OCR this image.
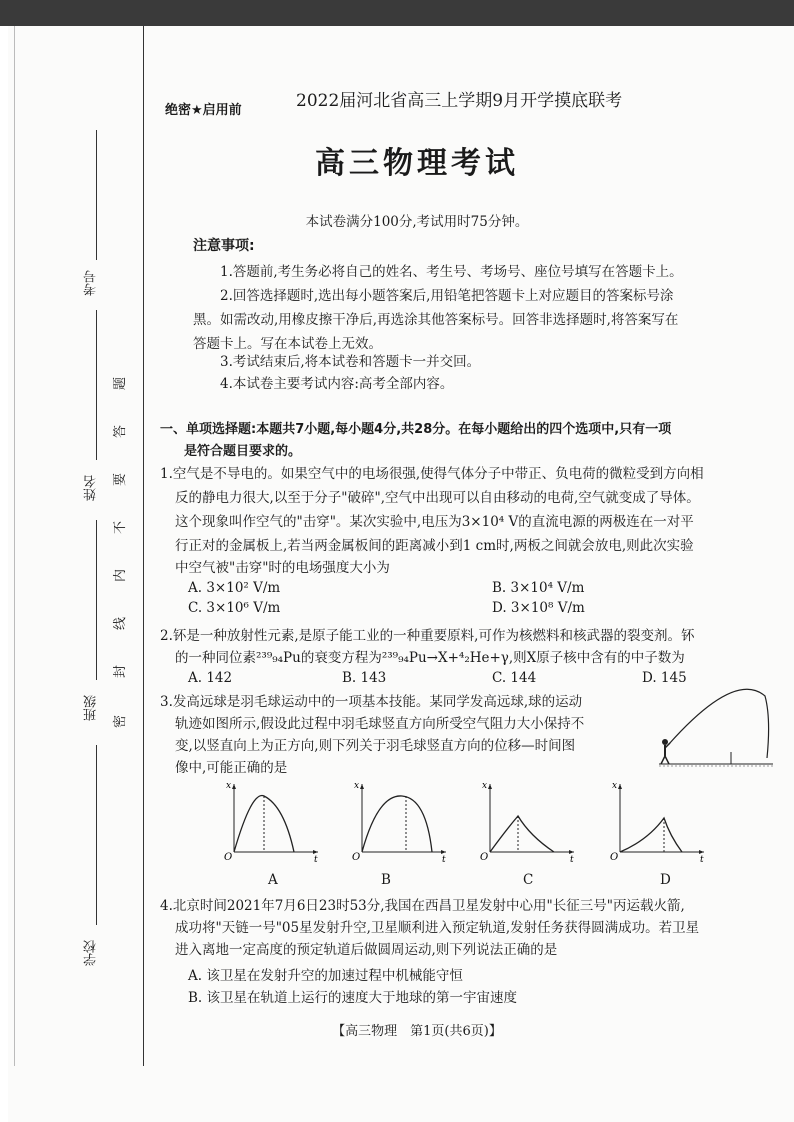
考号
姓名
班级
学校
密
封
线
内
不
要
答
题
绝密★启用前	2022届河北省高三上学期9月开学摸底联考
高三物理考试
本试卷满分100分,考试用时75分钟。
注意事项:
1.答题前,考生务必将自己的姓名、考生号、考场号、座位号填写在答题卡上。
2.回答选择题时,选出每小题答案后,用铅笔把答题卡上对应题目的答案标号涂
黑。如需改动,用橡皮擦干净后,再选涂其他答案标号。回答非选择题时,将答案写在
答题卡上。写在本试卷上无效。
3.考试结束后,将本试卷和答题卡一并交回。
4.本试卷主要考试内容:高考全部内容。
一、单项选择题:本题共7小题,每小题4分,共28分。在每小题给出的四个选项中,只有一项
是符合题目要求的。
1.空气是不导电的。如果空气中的电场很强,使得气体分子中带正、负电荷的微粒受到方向相
反的静电力很大,以至于分子"破碎",空气中出现可以自由移动的电荷,空气就变成了导体。
这个现象叫作空气的"击穿"。某次实验中,电压为3×10⁴ V的直流电源的两极连在一对平
行正对的金属板上,若当两金属板间的距离减小到1 cm时,两板之间就会放电,则此次实验
中空气被"击穿"时的电场强度大小为
A. 3×10² V/m	B. 3×10⁴ V/m
C. 3×10⁶ V/m	D. 3×10⁸ V/m
2.钚是一种放射性元素,是原子能工业的一种重要原料,可作为核燃料和核武器的裂变剂。钚
的一种同位素²³⁹₉₄Pu的衰变方程为²³⁹₉₄Pu→X+⁴₂He+γ,则X原子核中含有的中子数为
A. 142	B. 143	C. 144	D. 145
3.发高远球是羽毛球运动中的一项基本技能。某同学发高远球,球的运动
轨迹如图所示,假设此过程中羽毛球竖直方向所受空气阻力大小保持不
变,以竖直向上为正方向,则下列关于羽毛球竖直方向的位移—时间图
像中,可能正确的是
x
t
O
x
t
O
x
t
O
x
t
O
A	B	C	D
4.北京时间2021年7月6日23时53分,我国在西昌卫星发射中心用"长征三号"丙运载火箭,
成功将"天链一号"05星发射升空,卫星顺利进入预定轨道,发射任务获得圆满成功。若卫星
进入离地一定高度的预定轨道后做圆周运动,则下列说法正确的是
A. 该卫星在发射升空的加速过程中机械能守恒
B. 该卫星在轨道上运行的速度大于地球的第一宇宙速度
【高三物理　第1页(共6页)】
